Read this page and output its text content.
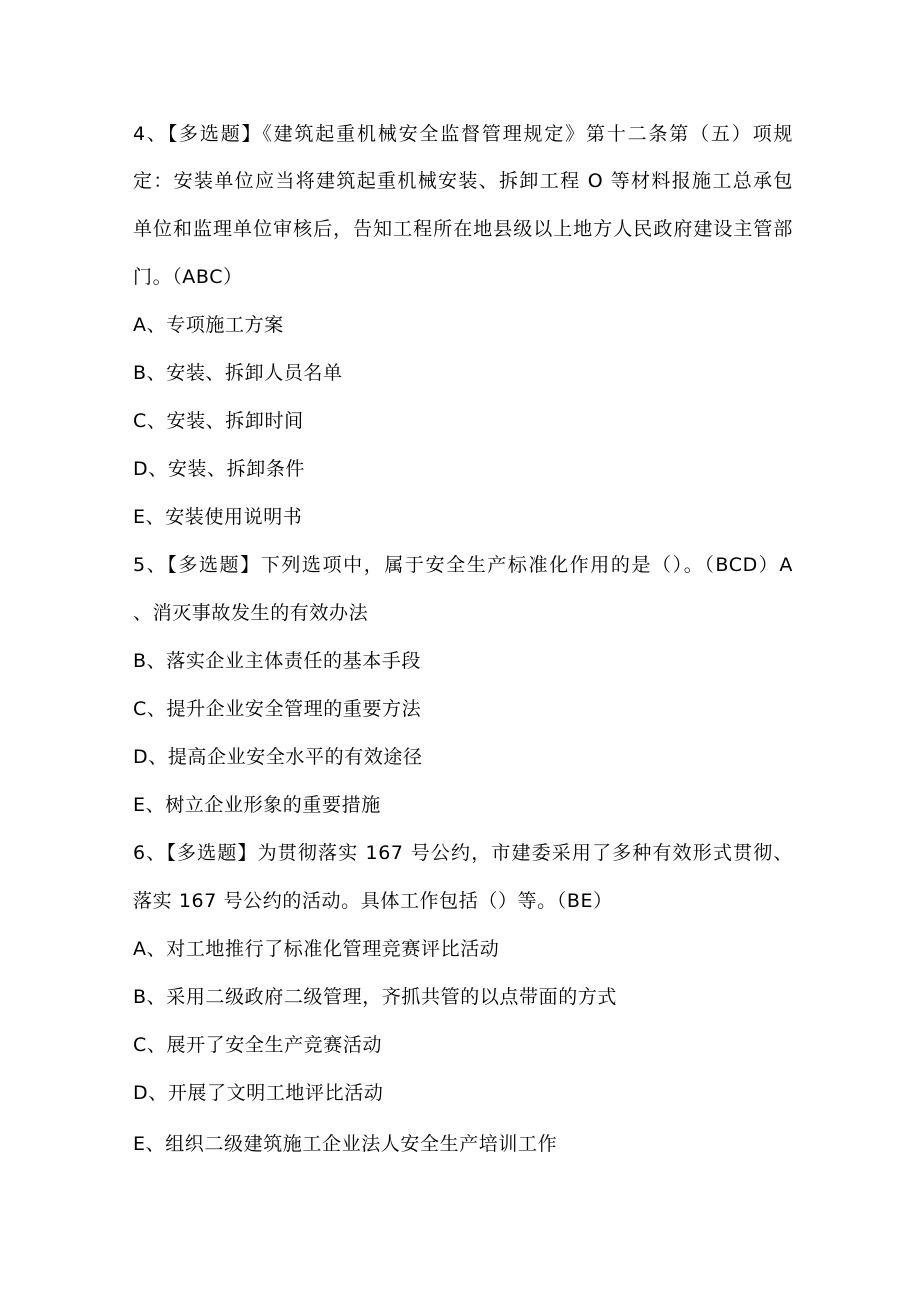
4、【多选题】《建筑起重机械安全监督管理规定》第十二条第（五）项规
定：安装单位应当将建筑起重机械安装、拆卸工程 O 等材料报施工总承包
单位和监理单位审核后，告知工程所在地县级以上地方人民政府建设主管部
门。（ABC）
A、专项施工方案
B、安装、拆卸人员名单
C、安装、拆卸时间
D、安装、拆卸条件
E、安装使用说明书
5、【多选题】下列选项中，属于安全生产标准化作用的是（）。（BCD）A
、消灭事故发生的有效办法
B、落实企业主体责任的基本手段
C、提升企业安全管理的重要方法
D、提高企业安全水平的有效途径
E、树立企业形象的重要措施
6、【多选题】为贯彻落实 167 号公约，市建委采用了多种有效形式贯彻、
落实 167 号公约的活动。具体工作包括（）等。（BE）
A、对工地推行了标准化管理竞赛评比活动
B、采用二级政府二级管理，齐抓共管的以点带面的方式
C、展开了安全生产竞赛活动
D、开展了文明工地评比活动
E、组织二级建筑施工企业法人安全生产培训工作
